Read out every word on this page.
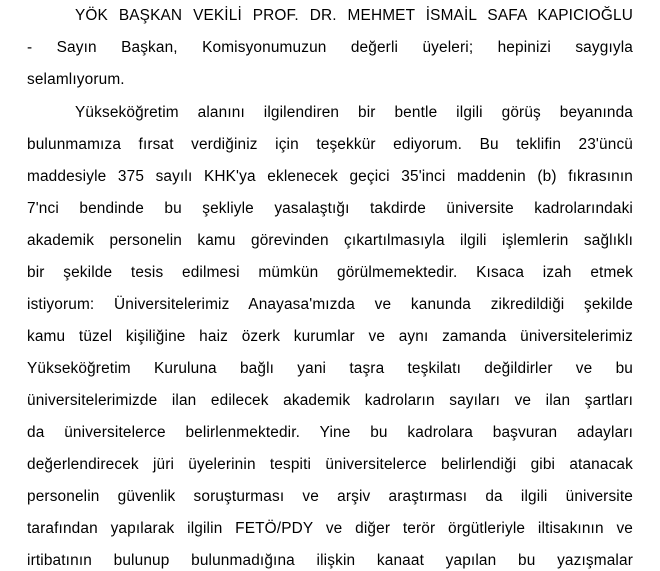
YÖK BAŞKAN VEKİLİ PROF. DR. MEHMET İSMAİL SAFA KAPICIOĞLU
- Sayın Başkan, Komisyonumuzun değerli üyeleri; hepinizi saygıyla
selamlıyorum.
Yükseköğretim alanını ilgilendiren bir bentle ilgili görüş beyanında
bulunmamıza fırsat verdiğiniz için teşekkür ediyorum. Bu teklifin 23'üncü
maddesiyle 375 sayılı KHK'ya eklenecek geçici 35'inci maddenin (b) fıkrasının
7'nci bendinde bu şekliyle yasalaştığı takdirde üniversite kadrolarındaki
akademik personelin kamu görevinden çıkartılmasıyla ilgili işlemlerin sağlıklı
bir şekilde tesis edilmesi mümkün görülmemektedir. Kısaca izah etmek
istiyorum: Üniversitelerimiz Anayasa'mızda ve kanunda zikredildiği şekilde
kamu tüzel kişiliğine haiz özerk kurumlar ve aynı zamanda üniversitelerimiz
Yükseköğretim Kuruluna bağlı yani taşra teşkilatı değildirler ve bu
üniversitelerimizde ilan edilecek akademik kadroların sayıları ve ilan şartları
da üniversitelerce belirlenmektedir. Yine bu kadrolara başvuran adayları
değerlendirecek jüri üyelerinin tespiti üniversitelerce belirlendiği gibi atanacak
personelin güvenlik soruşturması ve arşiv araştırması da ilgili üniversite
tarafından yapılarak ilgilin FETÖ/PDY ve diğer terör örgütleriyle iltisakının ve
irtibatının bulunup bulunmadığına ilişkin kanaat yapılan bu yazışmalar
